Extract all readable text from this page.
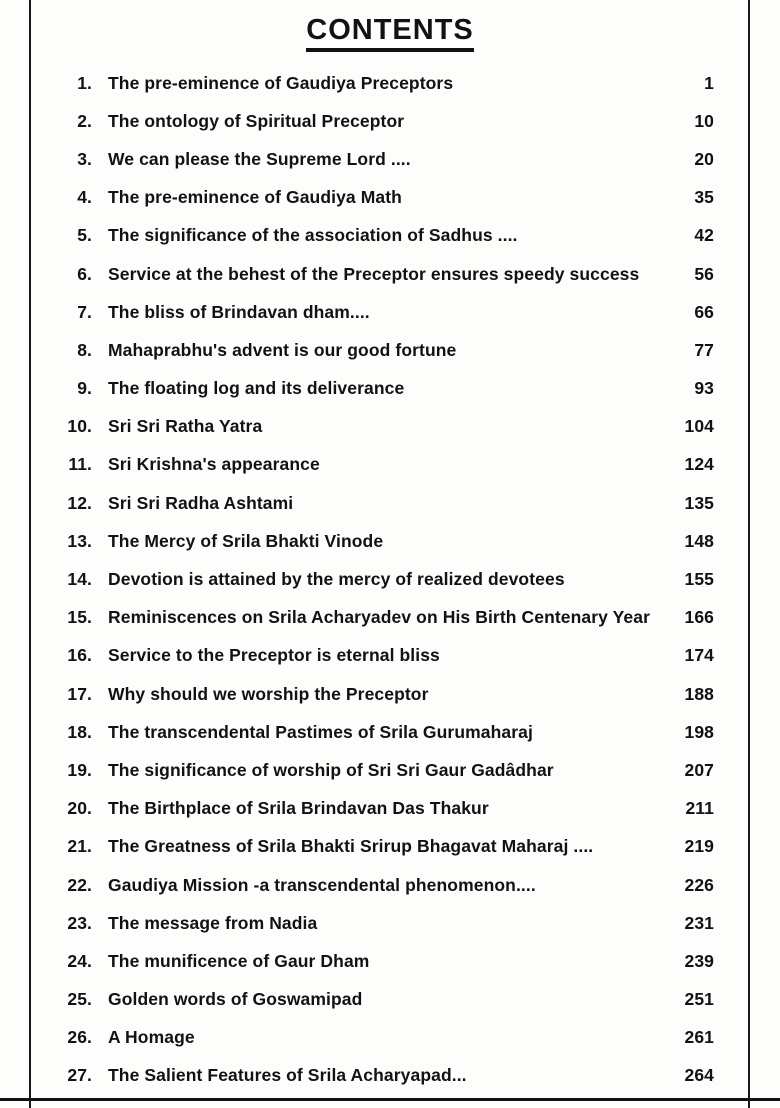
CONTENTS
1. The pre-eminence of Gaudiya Preceptors	1
2. The ontology of Spiritual Preceptor	10
3. We can please the Supreme Lord ....	20
4. The pre-eminence of Gaudiya Math	35
5. The significance of the association of Sadhus ....	42
6. Service at the behest of the Preceptor ensures speedy success	56
7. The bliss of Brindavan dham....	66
8. Mahaprabhu's advent is our good fortune	77
9. The floating log and its deliverance	93
10. Sri Sri Ratha Yatra	104
11. Sri Krishna's appearance	124
12. Sri Sri Radha Ashtami	135
13. The Mercy of Srila Bhakti Vinode	148
14. Devotion is attained by the mercy of realized devotees	155
15. Reminiscences on Srila Acharyadev on His Birth Centenary Year	166
16. Service to the Preceptor is eternal bliss	174
17. Why should we worship the Preceptor	188
18. The transcendental Pastimes of Srila Gurumaharaj	198
19. The significance of worship of Sri Sri Gaur Gadâdhar	207
20. The Birthplace of Srila Brindavan Das Thakur	211
21. The Greatness of Srila Bhakti Srirup Bhagavat Maharaj ....	219
22. Gaudiya Mission -a transcendental phenomenon....	226
23. The message from Nadia	231
24. The munificence of Gaur Dham	239
25. Golden words of Goswamipad	251
26. A Homage	261
27. The Salient Features of Srila Acharyapad...	264
